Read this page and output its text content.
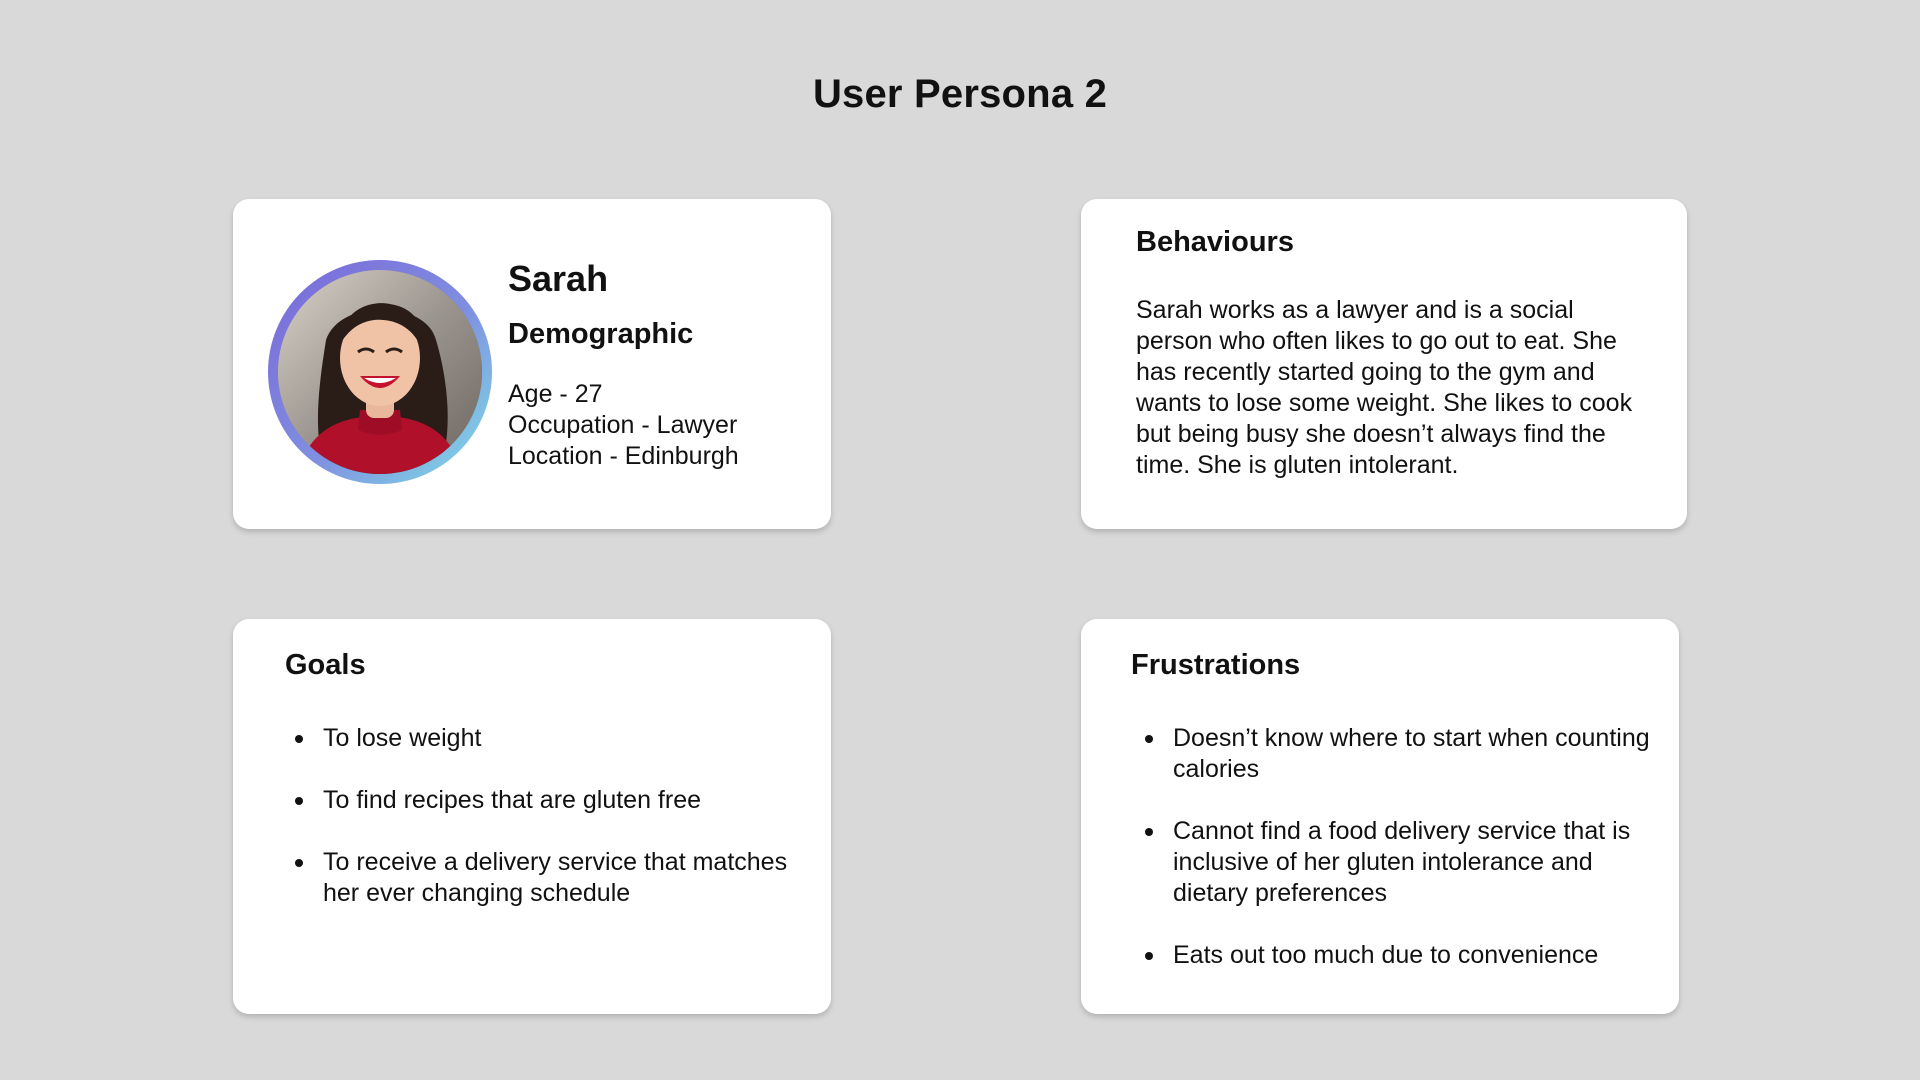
User Persona 2
Sarah
Demographic
Age - 27
Occupation - Lawyer
Location - Edinburgh
Behaviours

Sarah works as a lawyer and is a social person who often likes to go out to eat. She has recently started going to the gym and wants to lose some weight. She likes to cook but being busy she doesn’t always find the time. She is gluten intolerant.

Goals
To lose weight
To find recipes that are gluten free
To receive a delivery service that matches her ever changing schedule
Frustrations
Doesn’t know where to start when counting calories
Cannot find a food delivery service that is inclusive of her gluten intolerance and dietary preferences
Eats out too much due to convenience
